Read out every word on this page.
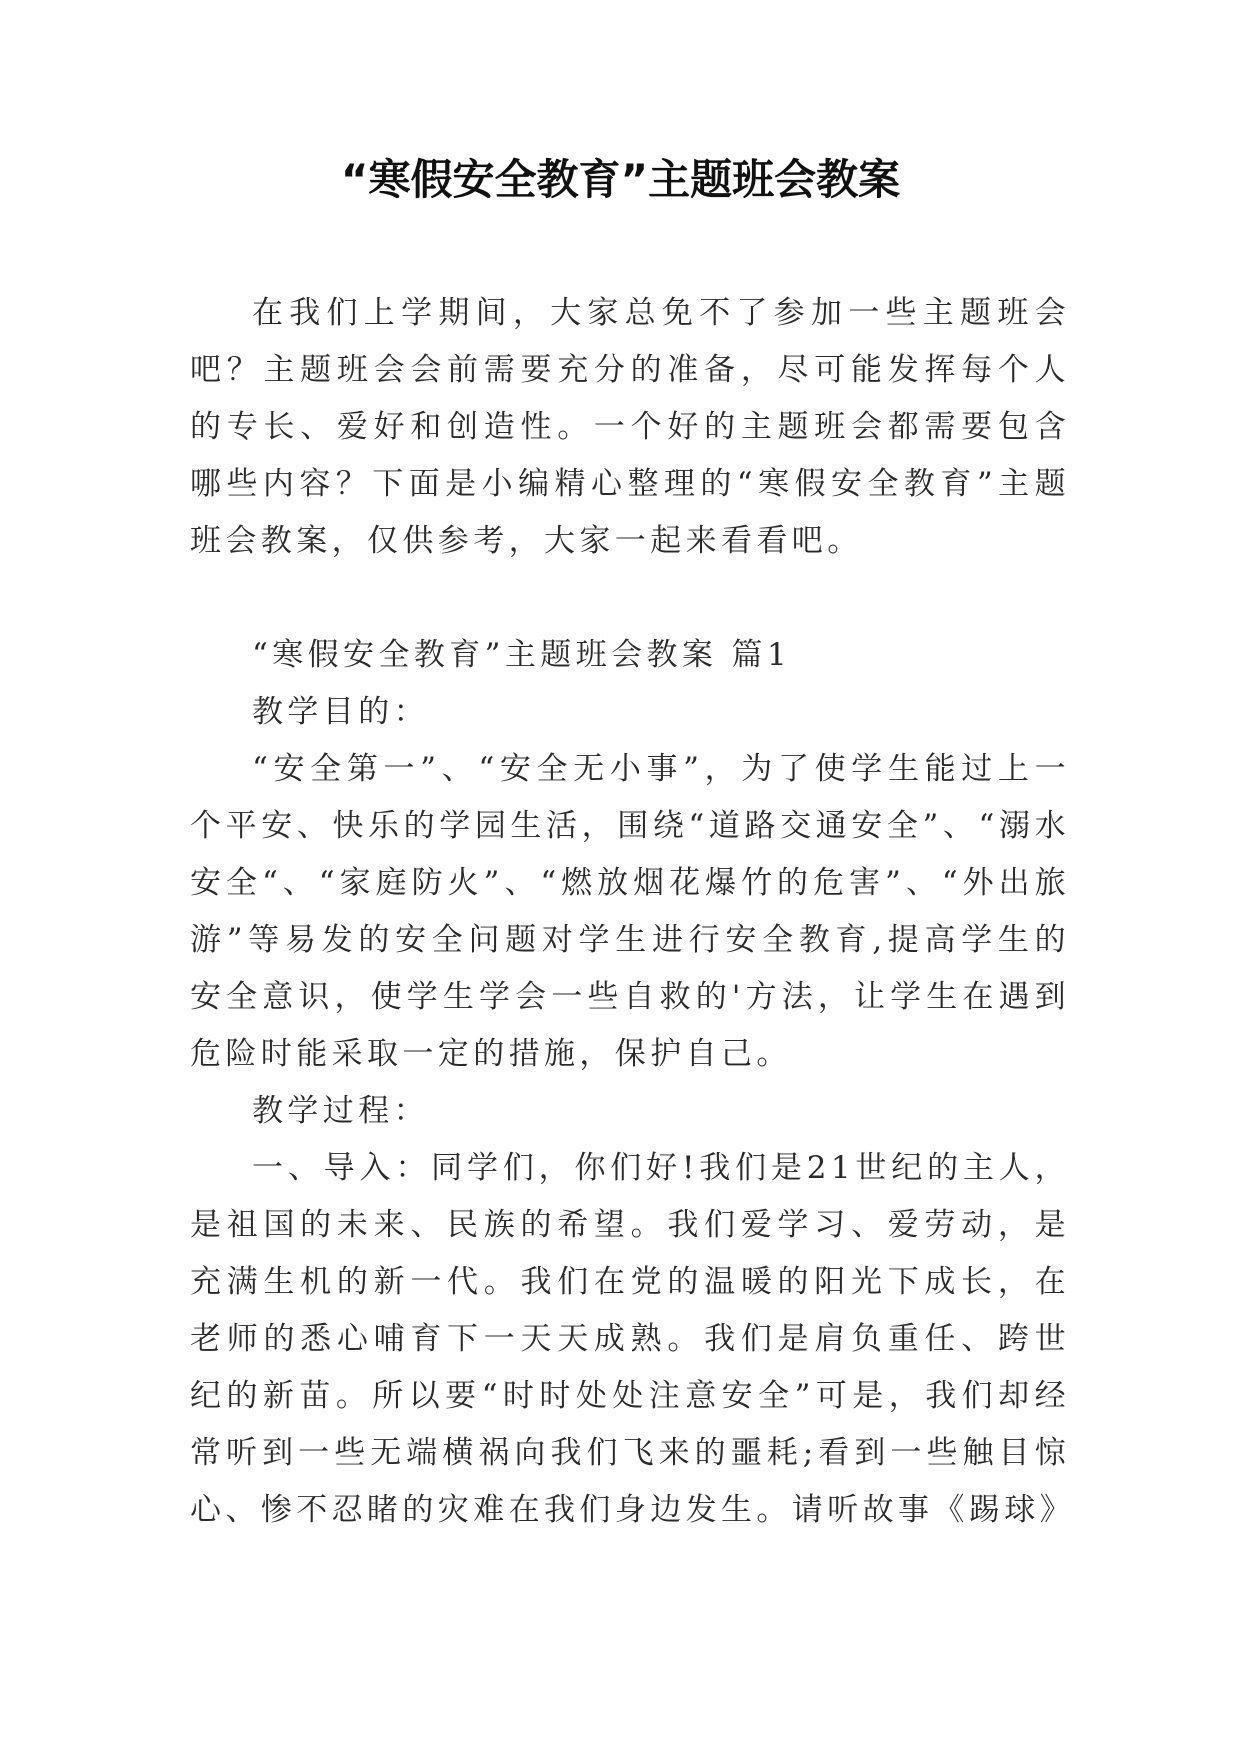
“寒假安全教育”主题班会教案

在我们上学期间，大家总免不了参加一些主题班会吧？主题班会会前需要充分的准备，尽可能发挥每个人的专长、爱好和创造性。一个好的主题班会都需要包含哪些内容？下面是小编精心整理的“寒假安全教育”主题班会教案，仅供参考，大家一起来看看吧。

“寒假安全教育”主题班会教案 篇1

教学目的：

“安全第一”、“安全无小事”，为了使学生能过上一个平安、快乐的学园生活，围绕“道路交通安全”、“溺水安全“、“家庭防火”、“燃放烟花爆竹的危害”、“外出旅游”等易发的安全问题对学生进行安全教育,提高学生的安全意识，使学生学会一些自救的'方法，让学生在遇到危险时能采取一定的措施，保护自己。

教学过程：

一、导入：同学们，你们好!我们是21世纪的主人，是祖国的未来、民族的希望。我们爱学习、爱劳动，是充满生机的新一代。我们在党的温暖的阳光下成长，在老师的悉心哺育下一天天成熟。我们是肩负重任、跨世纪的新苗。所以要“时时处处注意安全”可是，我们却经常听到一些无端横祸向我们飞来的噩耗;看到一些触目惊心、惨不忍睹的灾难在我们身边发生。请听故事《踢球》
